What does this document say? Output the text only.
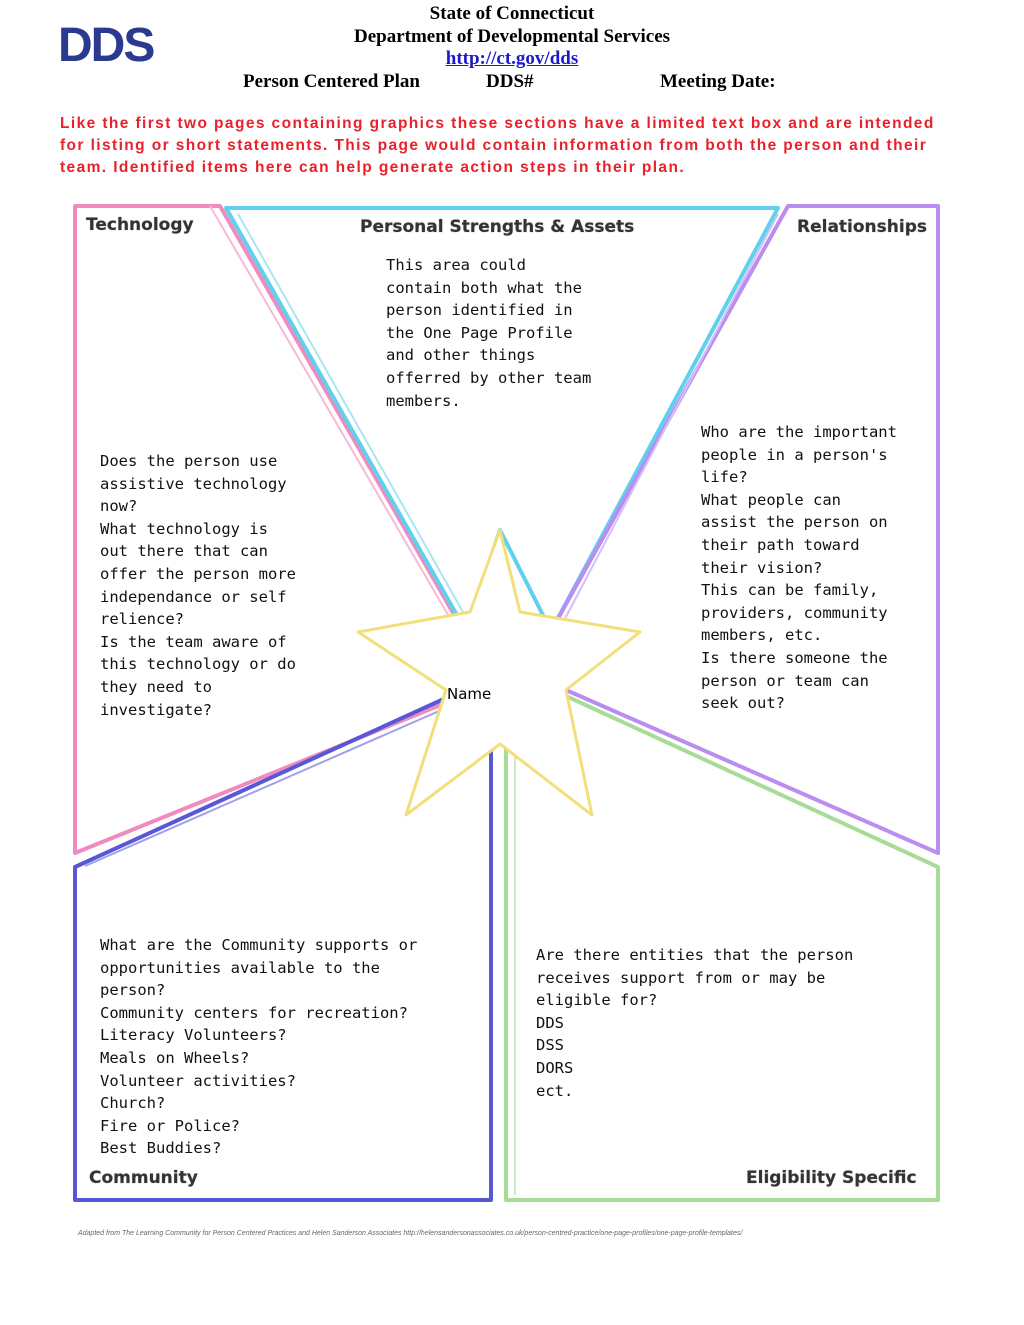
DDS
State of Connecticut
Department of Developmental Services
http://ct.gov/dds
Person Centered Plan	DDS#	Meeting Date:
Like the first two pages containing graphics these sections have a limited text box and are intended for listing or short statements. This page would contain information from both the person and their team. Identified items here can help generate action steps in their plan.
Technology	Personal Strengths & Assets	Relationships
Community	Eligibility Specific
This area could
contain both what the
person identified in
the One Page Profile
and other things
offerred by other team
members.
Does the person use
assistive technology
now?
What technology is
out there that can
offer the person more
independance or self
relience?
Is the team aware of
this technology or do
they need to
investigate?
Who are the important
people in a person's
life?
What people can
assist the person on
their path toward
their vision?
This can be family,
providers, community
members, etc.
Is there someone the
person or team can
seek out?
What are the Community supports or
opportunities available to the
person?
Community centers for recreation?
Literacy Volunteers?
Meals on Wheels?
Volunteer activities?
Church?
Fire or Police?
Best Buddies?
Are there entities that the person
receives support from or may be
eligible for?
DDS
DSS
DORS
ect.
Name
Adapted from The Learning Community for Person Centered Practices and Helen Sanderson Associates http://helensandersonassociates.co.uk/person-centred-practice/one-page-profiles/one-page-profile-templates/
